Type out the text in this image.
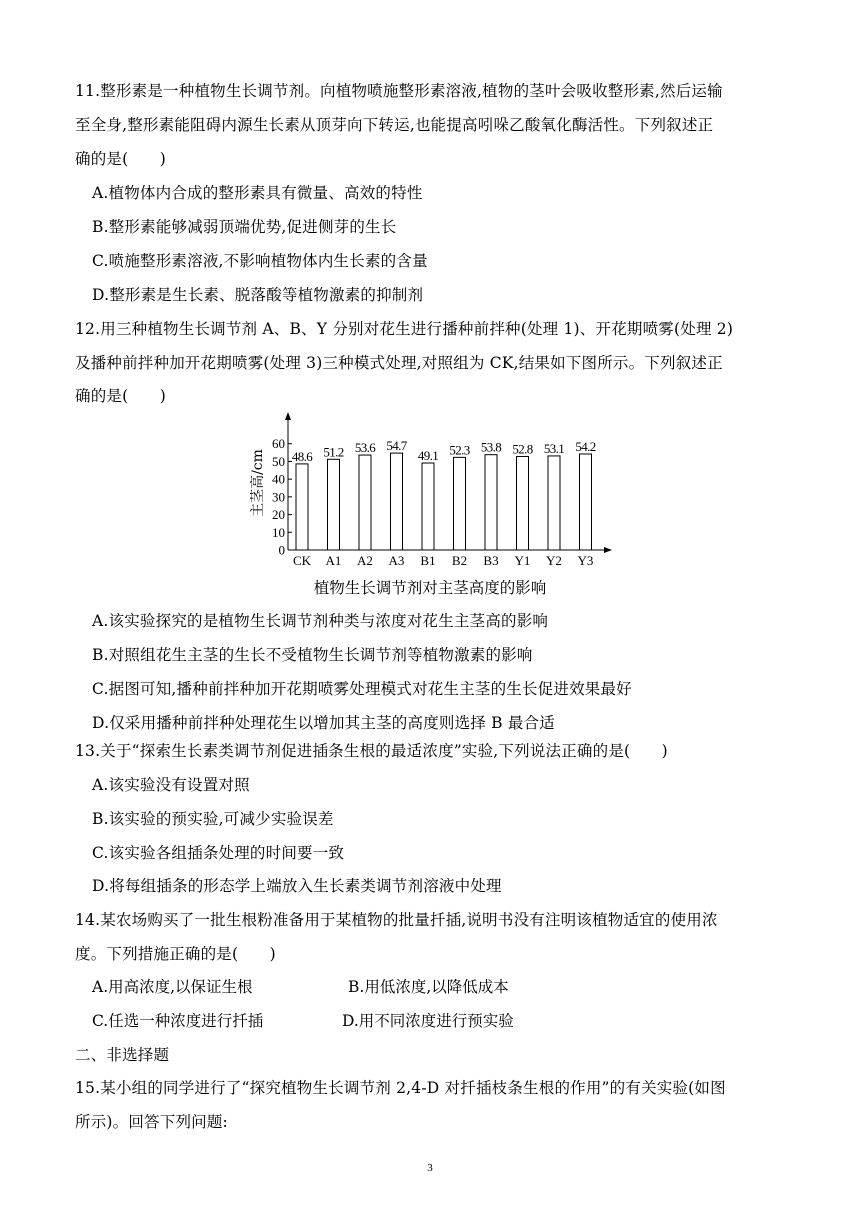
11.整形素是一种植物生长调节剂。向植物喷施整形素溶液,植物的茎叶会吸收整形素,然后运输
至全身,整形素能阻碍内源生长素从顶芽向下转运,也能提高吲哚乙酸氧化酶活性。下列叙述正
确的是(　　)
A.植物体内合成的整形素具有微量、高效的特性
B.整形素能够减弱顶端优势,促进侧芽的生长
C.喷施整形素溶液,不影响植物体内生长素的含量
D.整形素是生长素、脱落酸等植物激素的抑制剂
12.用三种植物生长调节剂 A、B、Y 分别对花生进行播种前拌种(处理 1)、开花期喷雾(处理 2)
及播种前拌种加开花期喷雾(处理 3)三种模式处理,对照组为 CK,结果如下图所示。下列叙述正
确的是(　　)
主茎高/cm
0
10
20
30
40
50
60
48.6
CK
51.2
A1
53.6
A2
54.7
A3
49.1
B1
52.3
B2
53.8
B3
52.8
Y1
53.1
Y2
54.2
Y3
植物生长调节剂对主茎高度的影响
A.该实验探究的是植物生长调节剂种类与浓度对花生主茎高的影响
B.对照组花生主茎的生长不受植物生长调节剂等植物激素的影响
C.据图可知,播种前拌种加开花期喷雾处理模式对花生主茎的生长促进效果最好
D.仅采用播种前拌种处理花生以增加其主茎的高度则选择 B 最合适
13.关于“探索生长素类调节剂促进插条生根的最适浓度”实验,下列说法正确的是(　　)
A.该实验没有设置对照
B.该实验的预实验,可减少实验误差
C.该实验各组插条处理的时间要一致
D.将每组插条的形态学上端放入生长素类调节剂溶液中处理
14.某农场购买了一批生根粉准备用于某植物的批量扦插,说明书没有注明该植物适宜的使用浓
度。下列措施正确的是(　　)
A.用高浓度,以保证生根	B.用低浓度,以降低成本
C.任选一种浓度进行扦插	D.用不同浓度进行预实验
二、非选择题
15.某小组的同学进行了“探究植物生长调节剂 2,4-D 对扦插枝条生根的作用”的有关实验(如图
所示)。回答下列问题:
3
